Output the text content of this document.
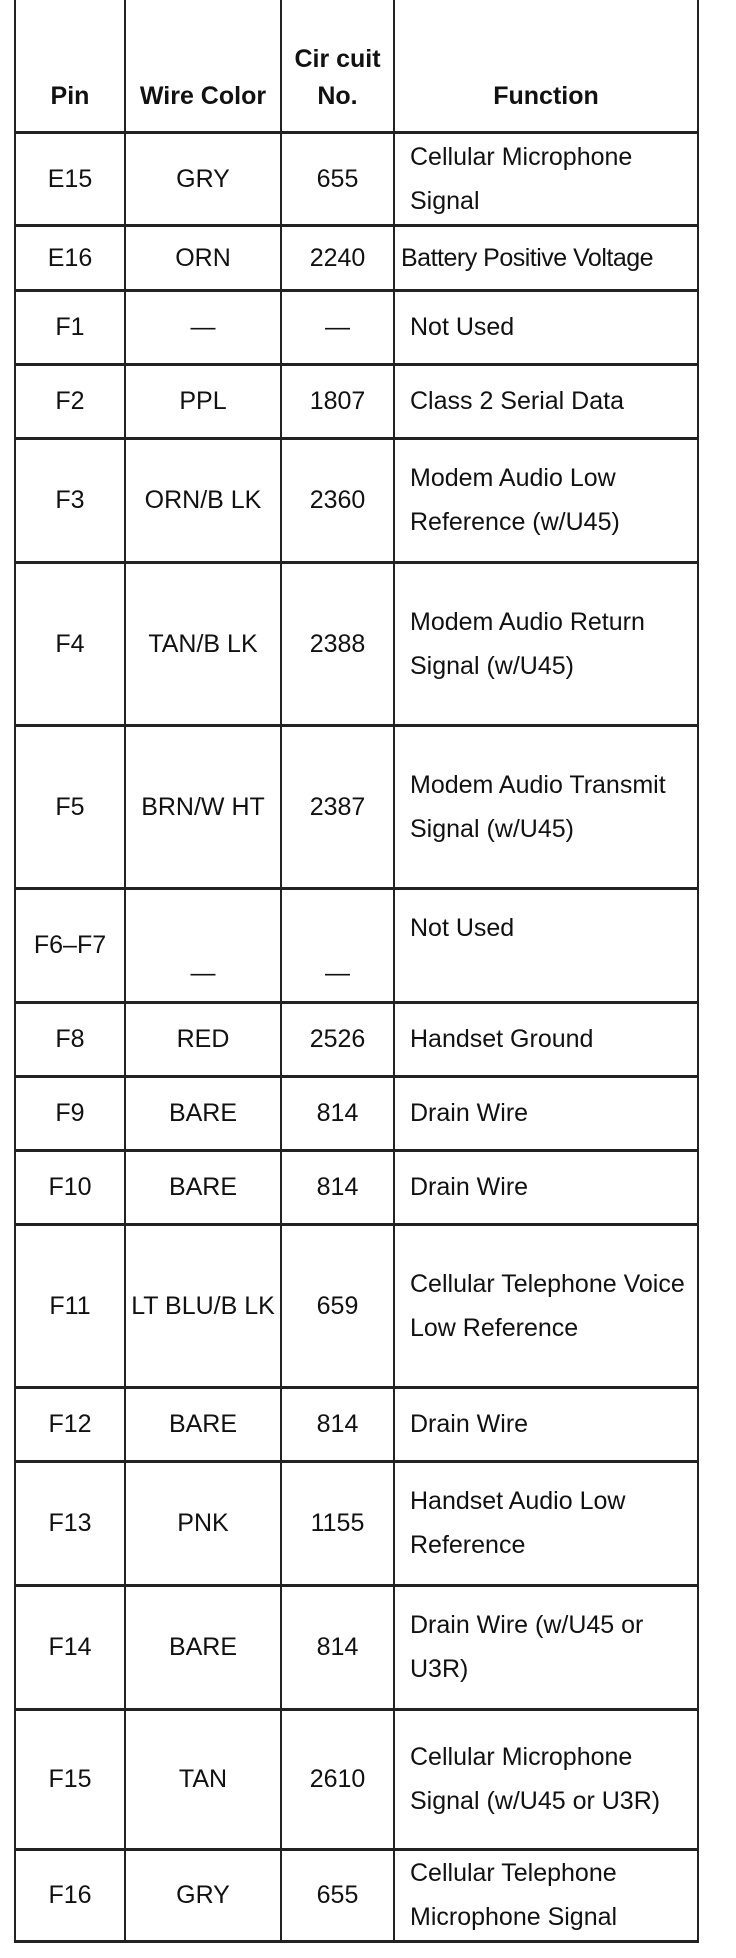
Pin	Wire Color	Cir cuit No.	Function
E15	GRY	655	Cellular Microphone Signal
E16	ORN	2240	Battery Positive Voltage
F1	—	—	Not Used
F2	PPL	1807	Class 2 Serial Data
F3	ORN/B LK	2360	Modem Audio Low Reference (w/U45)
F4	TAN/B LK	2388	Modem Audio Return Signal (w/U45)
F5	BRN/W HT	2387	Modem Audio Transmit Signal (w/U45)
F6–F7	—	—	Not Used
F8	RED	2526	Handset Ground
F9	BARE	814	Drain Wire
F10	BARE	814	Drain Wire
F11	LT BLU/B LK	659	Cellular Telephone Voice Low Reference
F12	BARE	814	Drain Wire
F13	PNK	1155	Handset Audio Low Reference
F14	BARE	814	Drain Wire (w/U45 or U3R)
F15	TAN	2610	Cellular Microphone Signal (w/U45 or U3R)
F16	GRY	655	Cellular Telephone Microphone Signal
